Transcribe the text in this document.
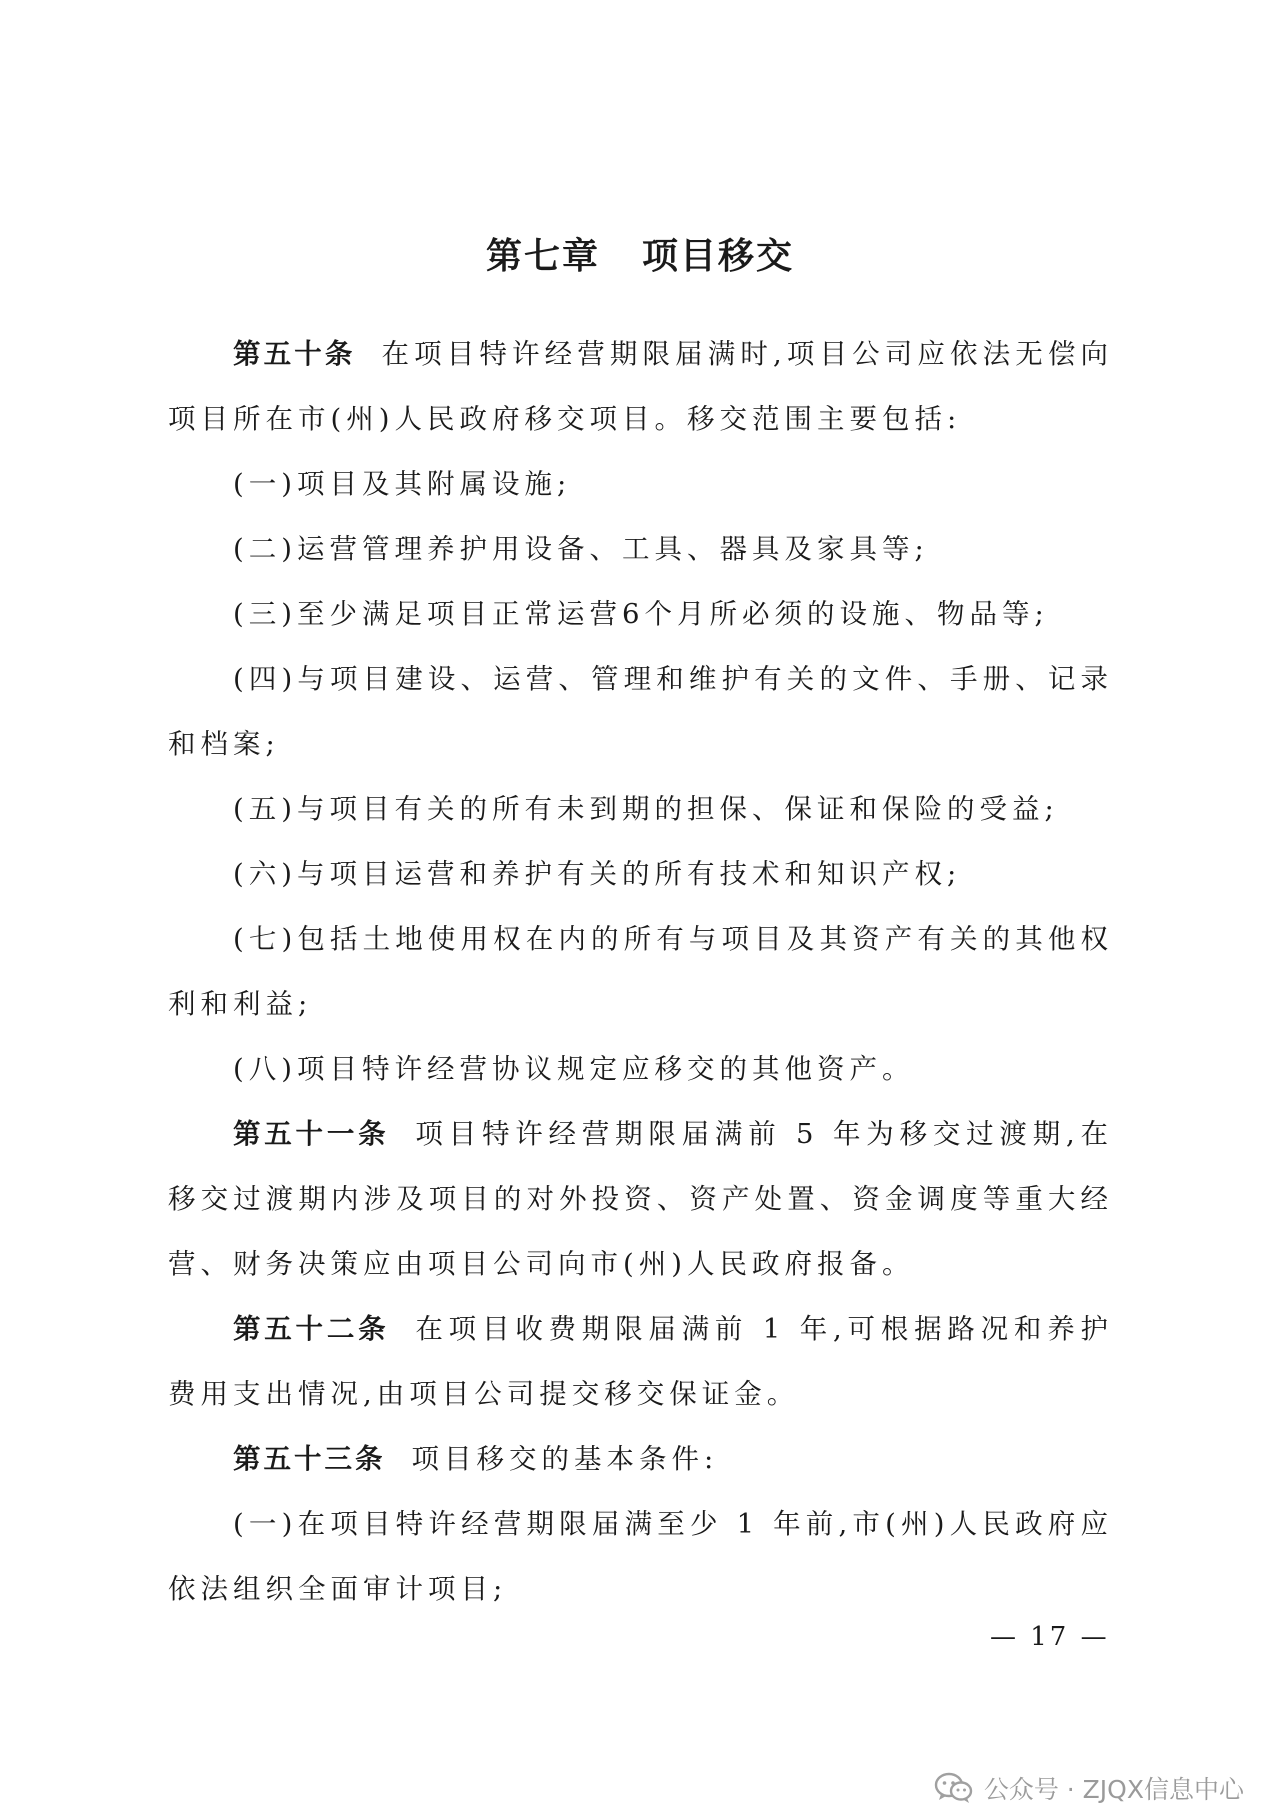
第七章 项目移交

第五十条 在项目特许经营期限届满时,项目公司应依法无偿向项目所在市(州)人民政府移交项目。移交范围主要包括:

(一)项目及其附属设施;

(二)运营管理养护用设备、工具、器具及家具等;

(三)至少满足项目正常运营6个月所必须的设施、物品等;

(四)与项目建设、运营、管理和维护有关的文件、手册、记录和档案;

(五)与项目有关的所有未到期的担保、保证和保险的受益;

(六)与项目运营和养护有关的所有技术和知识产权;

(七)包括土地使用权在内的所有与项目及其资产有关的其他权利和利益;

(八)项目特许经营协议规定应移交的其他资产。

第五十一条 项目特许经营期限届满前 5 年为移交过渡期,在移交过渡期内涉及项目的对外投资、资产处置、资金调度等重大经营、财务决策应由项目公司向市(州)人民政府报备。

第五十二条 在项目收费期限届满前 1 年,可根据路况和养护费用支出情况,由项目公司提交移交保证金。

第五十三条 项目移交的基本条件:

(一)在项目特许经营期限届满至少 1 年前,市(州)人民政府应依法组织全面审计项目;

— 17 —
公众号 · ZJQX信息中心
